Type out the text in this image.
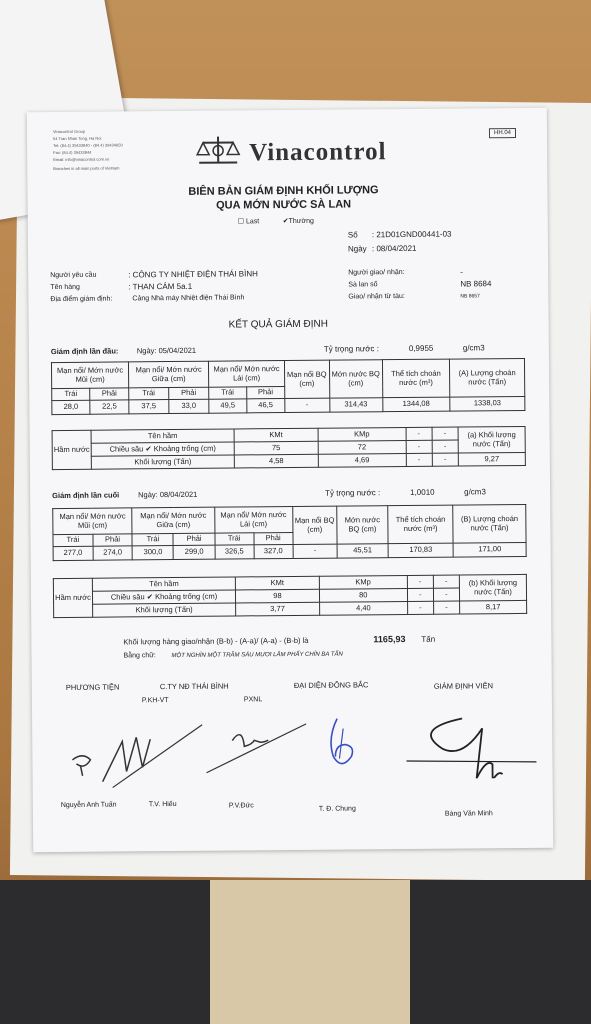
Vinacontrol Group
54 Tran Nhan Tong, Ha Noi
Tel: (84.4) 39433840 - (84.4) 39434650
Fax: (84.4) 39433844
Email: info@vinacontrol.com.vn
Branches in all main ports of Vietnam
Vinacontrol
HH.04
BIÊN BẢN GIÁM ĐỊNH KHỐI LƯỢNG
QUA MỚN NƯỚC SÀ LAN
☐ Last	✔Thường
Số : 21D01GND00441-03
Ngày : 08/04/2021
Người yêu cầu	: CÔNG TY NHIỆT ĐIỆN THÁI BÌNH
Tên hàng	: THAN CÁM 5a.1
Địa điểm giám định:	Cảng Nhà máy Nhiệt điện Thái Bình
Người giao/ nhận:	-
Sà lan số	NB 8684
Giao/ nhận từ tàu:	NB 8657
KẾT QUẢ GIÁM ĐỊNH
Giám định lần đầu: Ngày: 05/04/2021	Tỷ trọng nước :	0,9955	g/cm3
Mạn nổi/ Mớn nước Mũi (cm)		Mạn nổi/ Mớn nước Giữa (cm)		Mạn nổi/ Mớn nước Lái (cm)		Mạn nổi BQ (cm)	Mớn nước BQ (cm)	Thể tích choán nước (m³)	(A) Lượng choán nước (Tấn)
Trái	Phải	Trái	Phải	Trái	Phải				
28,0	22,5	37,5	33,0	49,5	46,5	-	314,43	1344,08	1338,03
Hầm nước	Tên hầm	KMt	KMp	-	-	(a) Khối lượng nước (Tấn)
	Chiều sâu ✔ Khoảng trống (cm)	75	72	-	-	
	Khối lượng (Tấn)	4,58	4,69	-	-	9,27
Giám định lần cuối	Ngày: 08/04/2021	Tỷ trọng nước :	1,0010	g/cm3
Mạn nổi/ Mớn nước Mũi (cm)		Mạn nổi/ Mớn nước Giữa (cm)		Mạn nổi/ Mớn nước Lái (cm)		Mạn nổi BQ (cm)	Mớn nước BQ (cm)	Thể tích choán nước (m³)	(B) Lượng choán nước (Tấn)
Trái	Phải	Trái	Phải	Trái	Phải				
277,0	274,0	300,0	299,0	326,5	327,0	-	45,51	170,83	171,00
Hầm nước	Tên hầm	KMt	KMp	-	-	(b) Khối lượng nước (Tấn)
	Chiều sâu ✔ Khoảng trống (cm)	98	80	-	-	
	Khối lượng (Tấn)	3,77	4,40	-	-	8,17
Khối lượng hàng giao/nhận (B-b) - (A-a)/ (A-a) - (B-b) là	1165,93 Tấn
Bằng chữ:	MỘT NGHÌN MỘT TRĂM SÁU MƯƠI LĂM PHẨY CHÍN BA TẤN
PHƯƠNG TIỆN	C.TY NĐ THÁI BÌNH
P.KH-VT	PXNL
ĐẠI DIỆN ĐÔNG BẮC	GIÁM ĐỊNH VIÊN
Nguyễn Anh Tuấn	T.V. Hiếu	P.V.Đức	T. Đ. Chung
Bàng Văn Minh
